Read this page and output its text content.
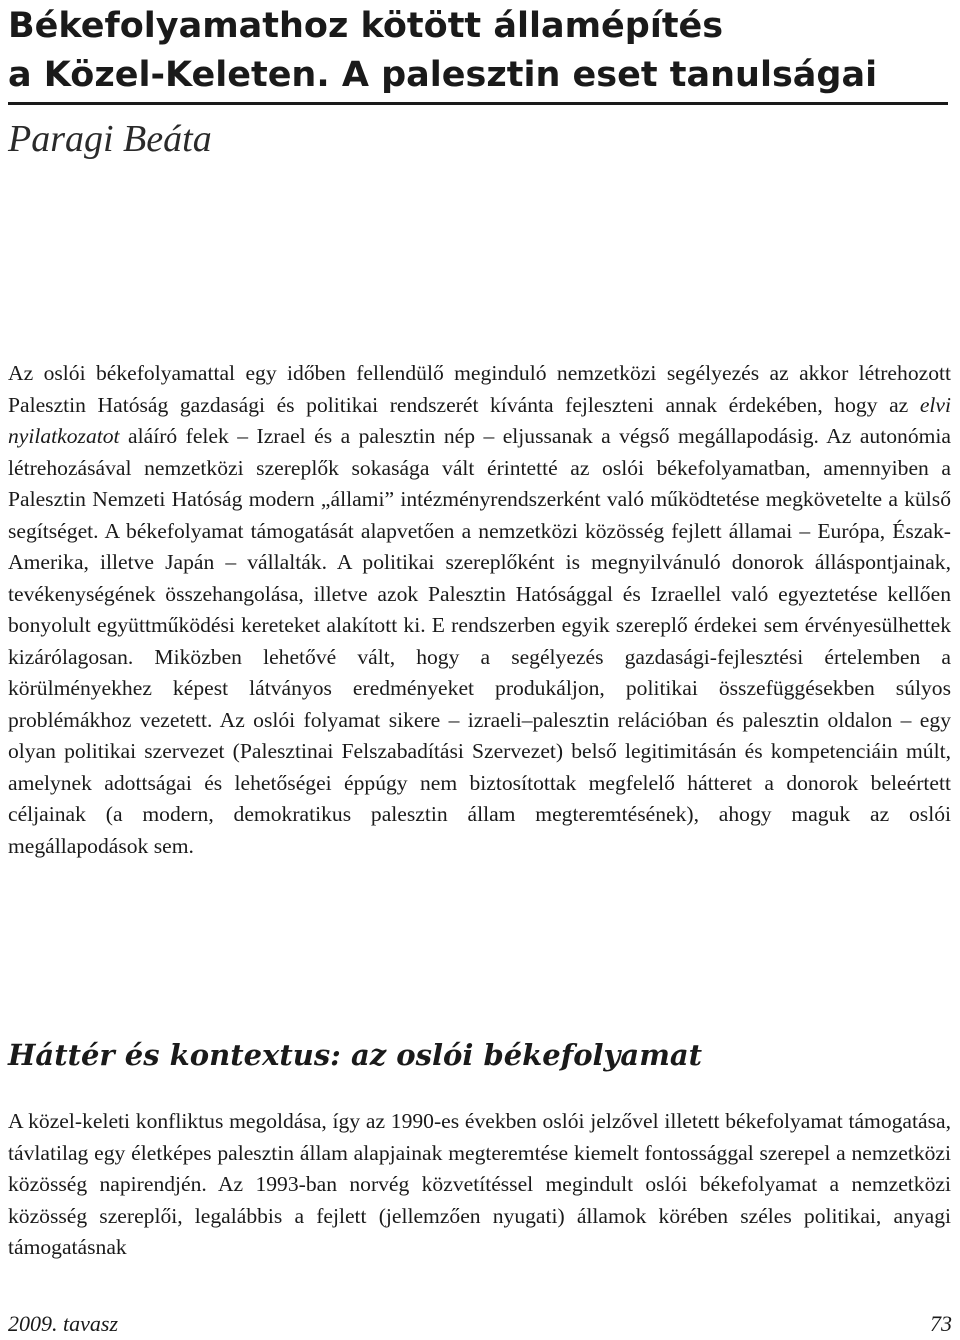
Békefolyamathoz kötött államépítés
a Közel-Keleten. A palesztin eset tanulságai
Paragi Beáta

Az oslói békefolyamattal egy időben fellendülő meginduló nemzetközi segélyezés az akkor létrehozott Palesztin Hatóság gazdasági és politikai rendszerét kívánta fejleszteni annak érdekében, hogy az elvi nyilatkozatot aláíró felek – Izrael és a palesztin nép – eljussanak a végső megállapodásig. Az autonómia létrehozásával nemzetközi szereplők sokasága vált érintetté az oslói békefolyamatban, amennyiben a Palesztin Nemzeti Hatóság modern „állami” intézményrendszerként való működtetése megkövetelte a külső segítséget. A békefolyamat támogatását alapvetően a nemzetközi közösség fejlett államai – Európa, Észak-Amerika, illetve Japán – vállalták. A politikai szereplőként is megnyilvánuló donorok álláspontjainak, tevékenységének összehangolása, illetve azok Palesztin Hatósággal és Izraellel való egyeztetése kellően bonyolult együttműködési kereteket alakított ki. E rendszerben egyik szereplő érdekei sem érvényesülhettek kizárólagosan. Miközben lehetővé vált, hogy a segélyezés gazdasági-fejlesztési értelemben a körülményekhez képest látványos eredményeket produkáljon, politikai összefüggésekben súlyos problémákhoz vezetett. Az oslói folyamat sikere – izraeli–palesztin relációban és palesztin oldalon – egy olyan politikai szervezet (Palesztinai Felszabadítási Szervezet) belső legitimitásán és kompetenciáin múlt, amelynek adottságai és lehetőségei éppúgy nem biztosítottak megfelelő hátteret a donorok beleértett céljainak (a modern, demokratikus palesztin állam megteremtésének), ahogy maguk az oslói megállapodások sem.

Háttér és kontextus: az oslói békefolyamat

A közel-keleti konfliktus megoldása, így az 1990-es években oslói jelzővel illetett békefolyamat támogatása, távlatilag egy életképes palesztin állam alapjainak megteremtése kiemelt fontossággal szerepel a nemzetközi közösség napirendjén. Az 1993-ban norvég közvetítéssel megindult oslói békefolyamat a nemzetközi közösség szereplői, legalábbis a fejlett (jellemzően nyugati) államok körében széles politikai, anyagi támogatásnak

2009. tavasz	73
